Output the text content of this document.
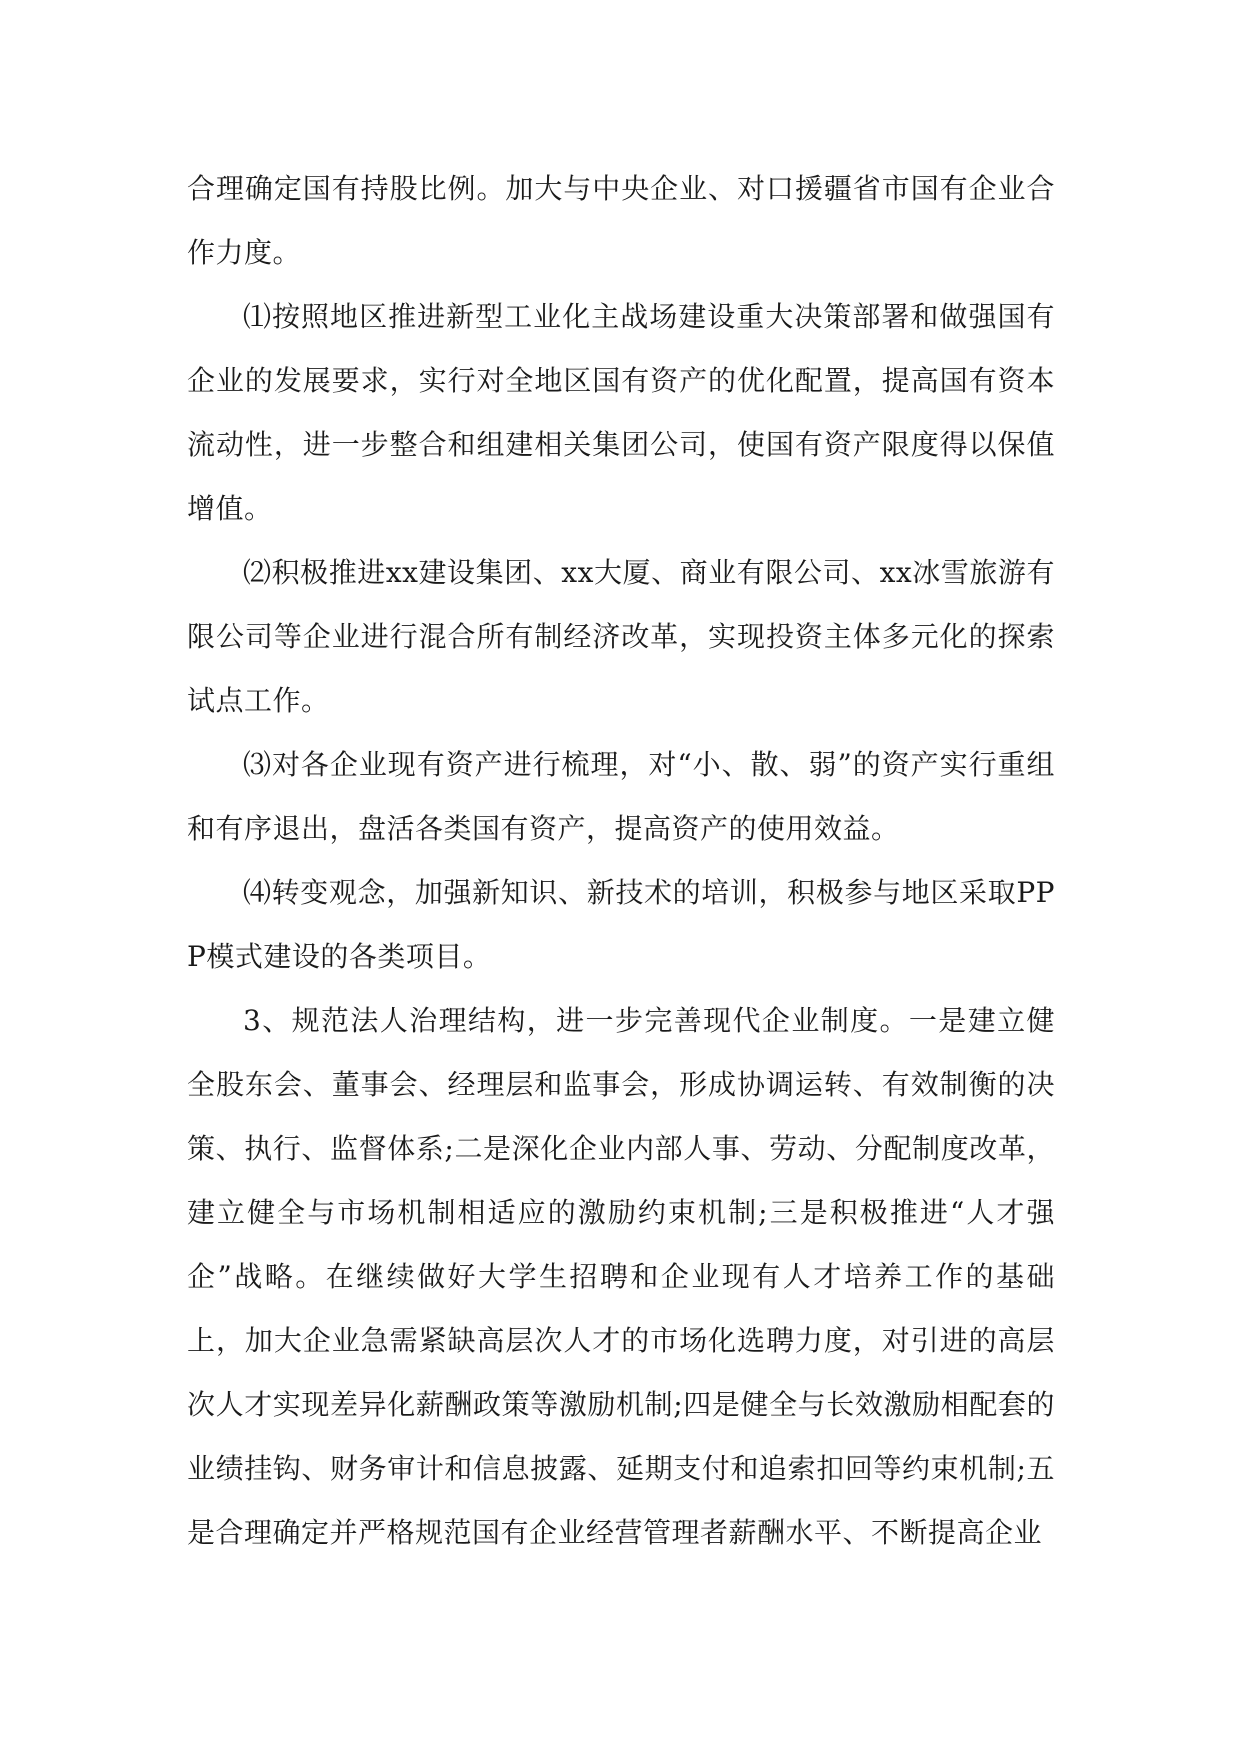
合理确定国有持股比例。加大与中央企业、对口援疆省市国有企业合作力度。

⑴按照地区推进新型工业化主战场建设重大决策部署和做强国有企业的发展要求，实行对全地区国有资产的优化配置，提高国有资本流动性，进一步整合和组建相关集团公司，使国有资产限度得以保值增值。

⑵积极推进xx建设集团、xx大厦、商业有限公司、xx冰雪旅游有限公司等企业进行混合所有制经济改革，实现投资主体多元化的探索试点工作。

⑶对各企业现有资产进行梳理，对“小、散、弱”的资产实行重组和有序退出，盘活各类国有资产，提高资产的使用效益。

⑷转变观念，加强新知识、新技术的培训，积极参与地区采取PPP模式建设的各类项目。

3、规范法人治理结构，进一步完善现代企业制度。一是建立健全股东会、董事会、经理层和监事会，形成协调运转、有效制衡的决策、执行、监督体系;二是深化企业内部人事、劳动、分配制度改革，建立健全与市场机制相适应的激励约束机制;三是积极推进“人才强企”战略。在继续做好大学生招聘和企业现有人才培养工作的基础上，加大企业急需紧缺高层次人才的市场化选聘力度，对引进的高层次人才实现差异化薪酬政策等激励机制;四是健全与长效激励相配套的业绩挂钩、财务审计和信息披露、延期支付和追索扣回等约束机制;五是合理确定并严格规范国有企业经营管理者薪酬水平、不断提高企业
